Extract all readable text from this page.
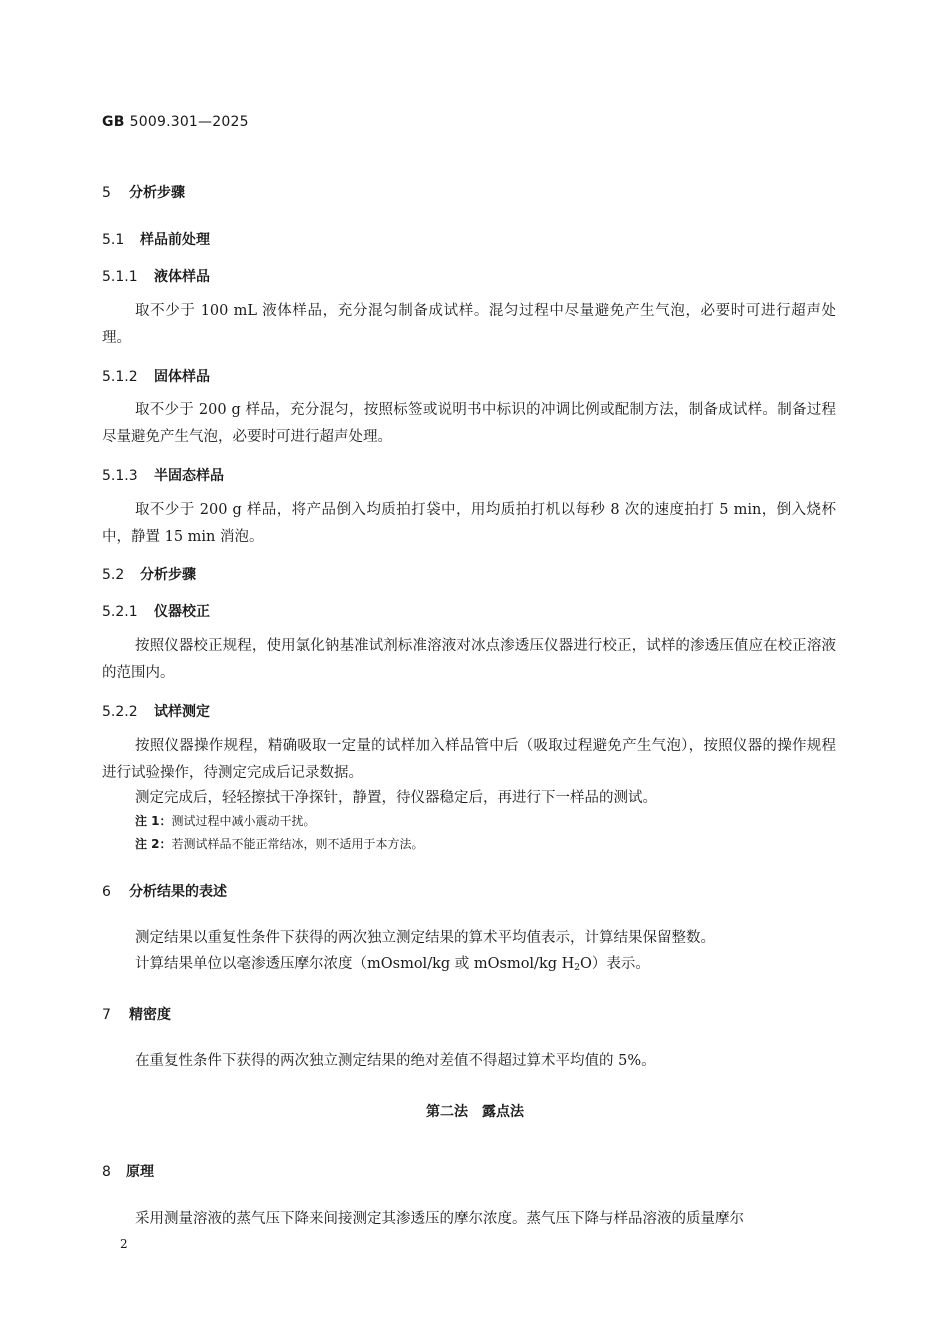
GB 5009.301—2025
5 分析步骤
5.1 样品前处理
5.1.1 液体样品

取不少于 100 mL 液体样品，充分混匀制备成试样。混匀过程中尽量避免产生气泡，必要时可进行超声处理。

5.1.2 固体样品

取不少于 200 g 样品，充分混匀，按照标签或说明书中标识的冲调比例或配制方法，制备成试样。制备过程尽量避免产生气泡，必要时可进行超声处理。

5.1.3 半固态样品

取不少于 200 g 样品，将产品倒入均质拍打袋中，用均质拍打机以每秒 8 次的速度拍打 5 min，倒入烧杯中，静置 15 min 消泡。

5.2 分析步骤
5.2.1 仪器校正

按照仪器校正规程，使用氯化钠基准试剂标准溶液对冰点渗透压仪器进行校正，试样的渗透压值应在校正溶液的范围内。

5.2.2 试样测定

按照仪器操作规程，精确吸取一定量的试样加入样品管中后（吸取过程避免产生气泡），按照仪器的操作规程进行试验操作，待测定完成后记录数据。

测定完成后，轻轻擦拭干净探针，静置，待仪器稳定后，再进行下一样品的测试。

注 1：测试过程中减小震动干扰。
注 2：若测试样品不能正常结冰，则不适用于本方法。
6 分析结果的表述

测定结果以重复性条件下获得的两次独立测定结果的算术平均值表示，计算结果保留整数。

计算结果单位以毫渗透压摩尔浓度（mOsmol/kg 或 mOsmol/kg $H_2O$）表示。

7 精密度

在重复性条件下获得的两次独立测定结果的绝对差值不得超过算术平均值的 5%。

第二法　露点法
8 原理

采用测量溶液的蒸气压下降来间接测定其渗透压的摩尔浓度。蒸气压下降与样品溶液的质量摩尔

2
